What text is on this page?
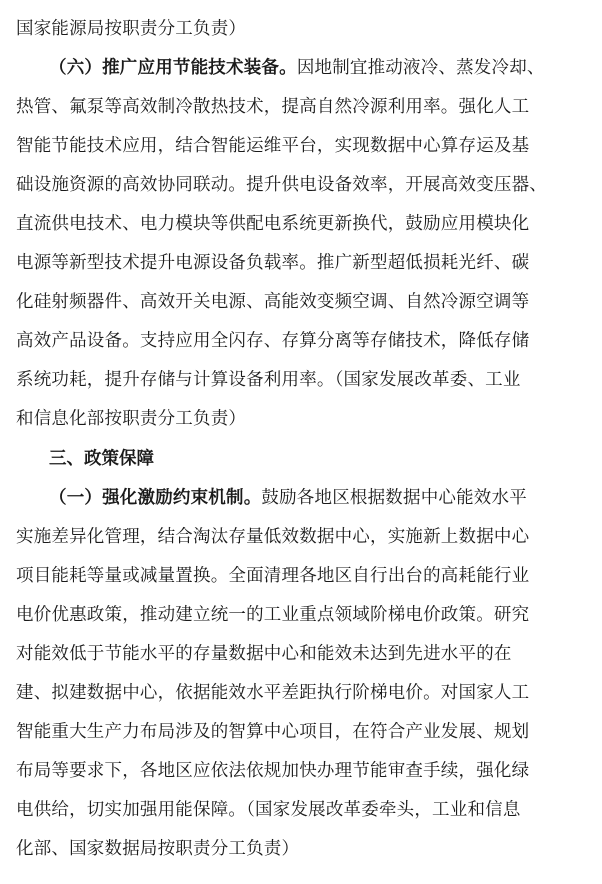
国家能源局按职责分工负责）
（六）推广应用节能技术装备。因地制宜推动液冷、蒸发冷却、
热管、氟泵等高效制冷散热技术，提高自然冷源利用率。强化人工
智能节能技术应用，结合智能运维平台，实现数据中心算存运及基
础设施资源的高效协同联动。提升供电设备效率，开展高效变压器、
直流供电技术、电力模块等供配电系统更新换代，鼓励应用模块化
电源等新型技术提升电源设备负载率。推广新型超低损耗光纤、碳
化硅射频器件、高效开关电源、高能效变频空调、自然冷源空调等
高效产品设备。支持应用全闪存、存算分离等存储技术，降低存储
系统功耗，提升存储与计算设备利用率。（国家发展改革委、工业
和信息化部按职责分工负责）
三、政策保障
（一）强化激励约束机制。鼓励各地区根据数据中心能效水平
实施差异化管理，结合淘汰存量低效数据中心，实施新上数据中心
项目能耗等量或减量置换。全面清理各地区自行出台的高耗能行业
电价优惠政策，推动建立统一的工业重点领域阶梯电价政策。研究
对能效低于节能水平的存量数据中心和能效未达到先进水平的在
建、拟建数据中心，依据能效水平差距执行阶梯电价。对国家人工
智能重大生产力布局涉及的智算中心项目，在符合产业发展、规划
布局等要求下，各地区应依法依规加快办理节能审查手续，强化绿
电供给，切实加强用能保障。（国家发展改革委牵头，工业和信息
化部、国家数据局按职责分工负责）
